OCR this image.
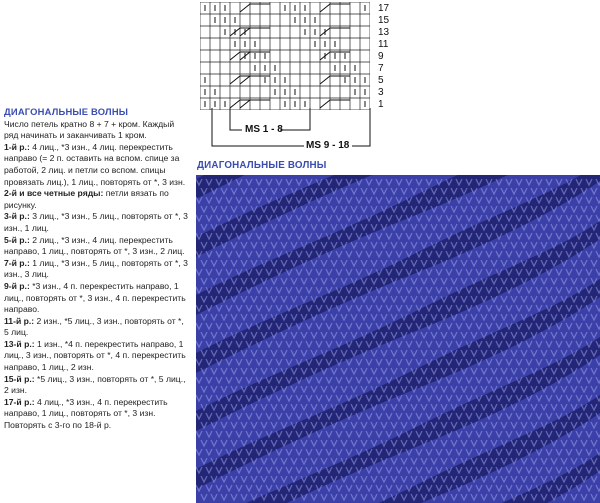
17
15
13
11
9
7
5
3
1
MS 1 - 8
MS 9 - 18
ДИАГОНАЛЬНЫЕ ВОЛНЫ

Число петель кратно 8 + 7 + кром. Каждый ряд начинать и заканчивать 1 кром.

1-й р.: 4 лиц., *3 изн., 4 лиц. перекрестить направо (= 2 п. оставить на вспом. спице за работой, 2 лиц. и петли со вспом. спицы провязать лиц.), 1 лиц., повторять от *, 3 изн.

2-й и все четные ряды: петли вязать по рисунку.

3-й р.: 3 лиц., *3 изн., 5 лиц., повторять от *, 3 изн., 1 лиц.

5-й р.: 2 лиц., *3 изн., 4 лиц. перекрестить направо, 1 лиц., повторять от *, 3 изн., 2 лиц.

7-й р.: 1 лиц., *3 изн., 5 лиц., повторять от *, 3 изн., 3 лиц.

9-й р.: *3 изн., 4 п. перекрестить направо, 1 лиц., повторять от *, 3 изн., 4 п. перекрестить направо.

11-й р.: 2 изн., *5 лиц., 3 изн., повторять от *, 5 лиц.

13-й р.: 1 изн., *4 п. перекрестить направо, 1 лиц., 3 изн., повторять от *, 4 п. перекрестить направо, 1 лиц., 2 изн.

15-й р.: *5 лиц., 3 изн., повторять от *, 5 лиц., 2 изн.

17-й р.: 4 лиц., *3 изн., 4 п. перекрестить направо, 1 лиц., повторять от *, 3 изн. Повторять с 3-го по 18-й р.

ДИАГОНАЛЬНЫЕ ВОЛНЫ
